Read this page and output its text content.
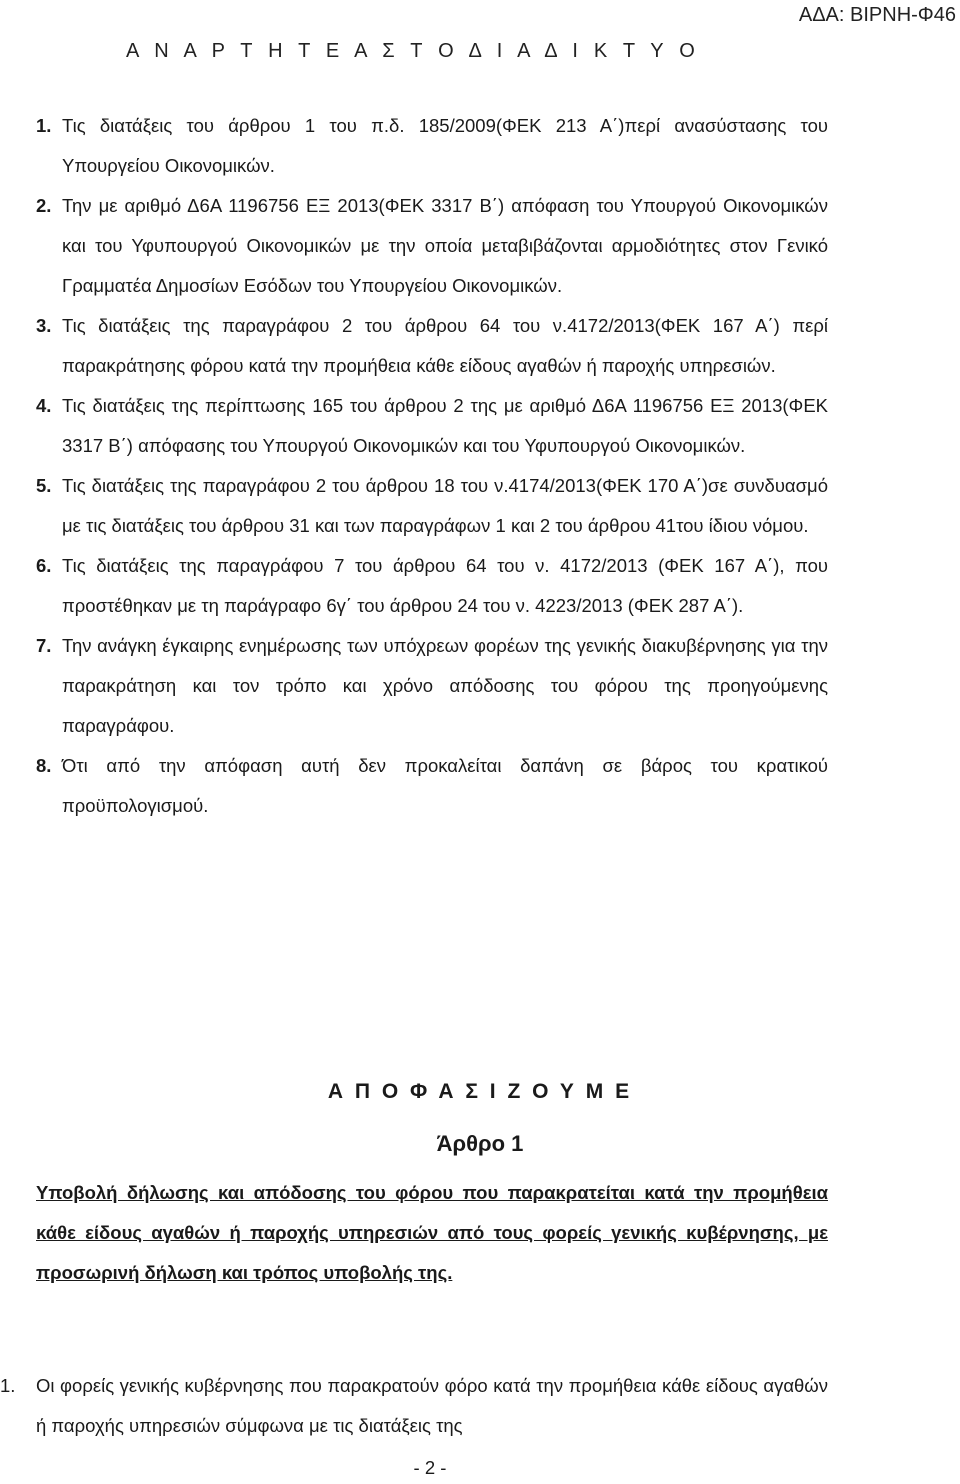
ΑΔΑ: ΒΙΡΝΗ-Φ46
Α Ν Α Ρ Τ Η Τ Ε Α Σ Τ Ο Δ Ι Α Δ Ι Κ Τ Υ Ο
1. Τις διατάξεις του άρθρου 1 του π.δ. 185/2009(ΦΕΚ 213 Α΄)περί ανασύστασης του Υπουργείου Οικονομικών.
2. Την με αριθμό Δ6Α 1196756 ΕΞ 2013(ΦΕΚ 3317 Β΄) απόφαση του Υπουργού Οικονομικών και του Υφυπουργού Οικονομικών με την οποία μεταβιβάζονται αρμοδιότητες στον Γενικό Γραμματέα Δημοσίων Εσόδων του Υπουργείου Οικονομικών.
3. Τις διατάξεις της παραγράφου 2 του άρθρου 64 του ν.4172/2013(ΦΕΚ 167 Α΄) περί παρακράτησης φόρου κατά την προμήθεια κάθε είδους αγαθών ή παροχής υπηρεσιών.
4. Τις διατάξεις της περίπτωσης 165 του άρθρου 2 της με αριθμό Δ6Α 1196756 ΕΞ 2013(ΦΕΚ 3317 Β΄) απόφασης του Υπουργού Οικονομικών και του Υφυπουργού Οικονομικών.
5. Τις διατάξεις της παραγράφου 2 του άρθρου 18 του ν.4174/2013(ΦΕΚ 170 Α΄)σε συνδυασμό με τις διατάξεις του άρθρου 31 και των παραγράφων 1 και 2 του άρθρου 41του ίδιου νόμου.
6. Τις διατάξεις της παραγράφου 7 του άρθρου 64 του ν. 4172/2013 (ΦΕΚ 167 Α΄), που προστέθηκαν με τη παράγραφο 6γ΄ του άρθρου 24 του ν. 4223/2013 (ΦΕΚ 287 Α΄).
7. Την ανάγκη έγκαιρης ενημέρωσης των υπόχρεων φορέων της γενικής διακυβέρνησης για την παρακράτηση και τον τρόπο και χρόνο απόδοσης του φόρου της προηγούμενης παραγράφου.
8. Ότι από την απόφαση αυτή δεν προκαλείται δαπάνη σε βάρος του κρατικού προϋπολογισμού.
Α Π Ο Φ Α Σ Ι Ζ Ο Υ Μ Ε
Άρθρο 1
Υποβολή δήλωσης και απόδοσης του φόρου που παρακρατείται κατά την προμήθεια κάθε είδους αγαθών ή παροχής υπηρεσιών από τους φορείς γενικής κυβέρνησης, με προσωρινή δήλωση και τρόπος υποβολής της.
1.	Οι φορείς γενικής κυβέρνησης που παρακρατούν φόρο κατά την προμήθεια κάθε είδους αγαθών ή παροχής υπηρεσιών σύμφωνα με τις διατάξεις της
- 2 -
